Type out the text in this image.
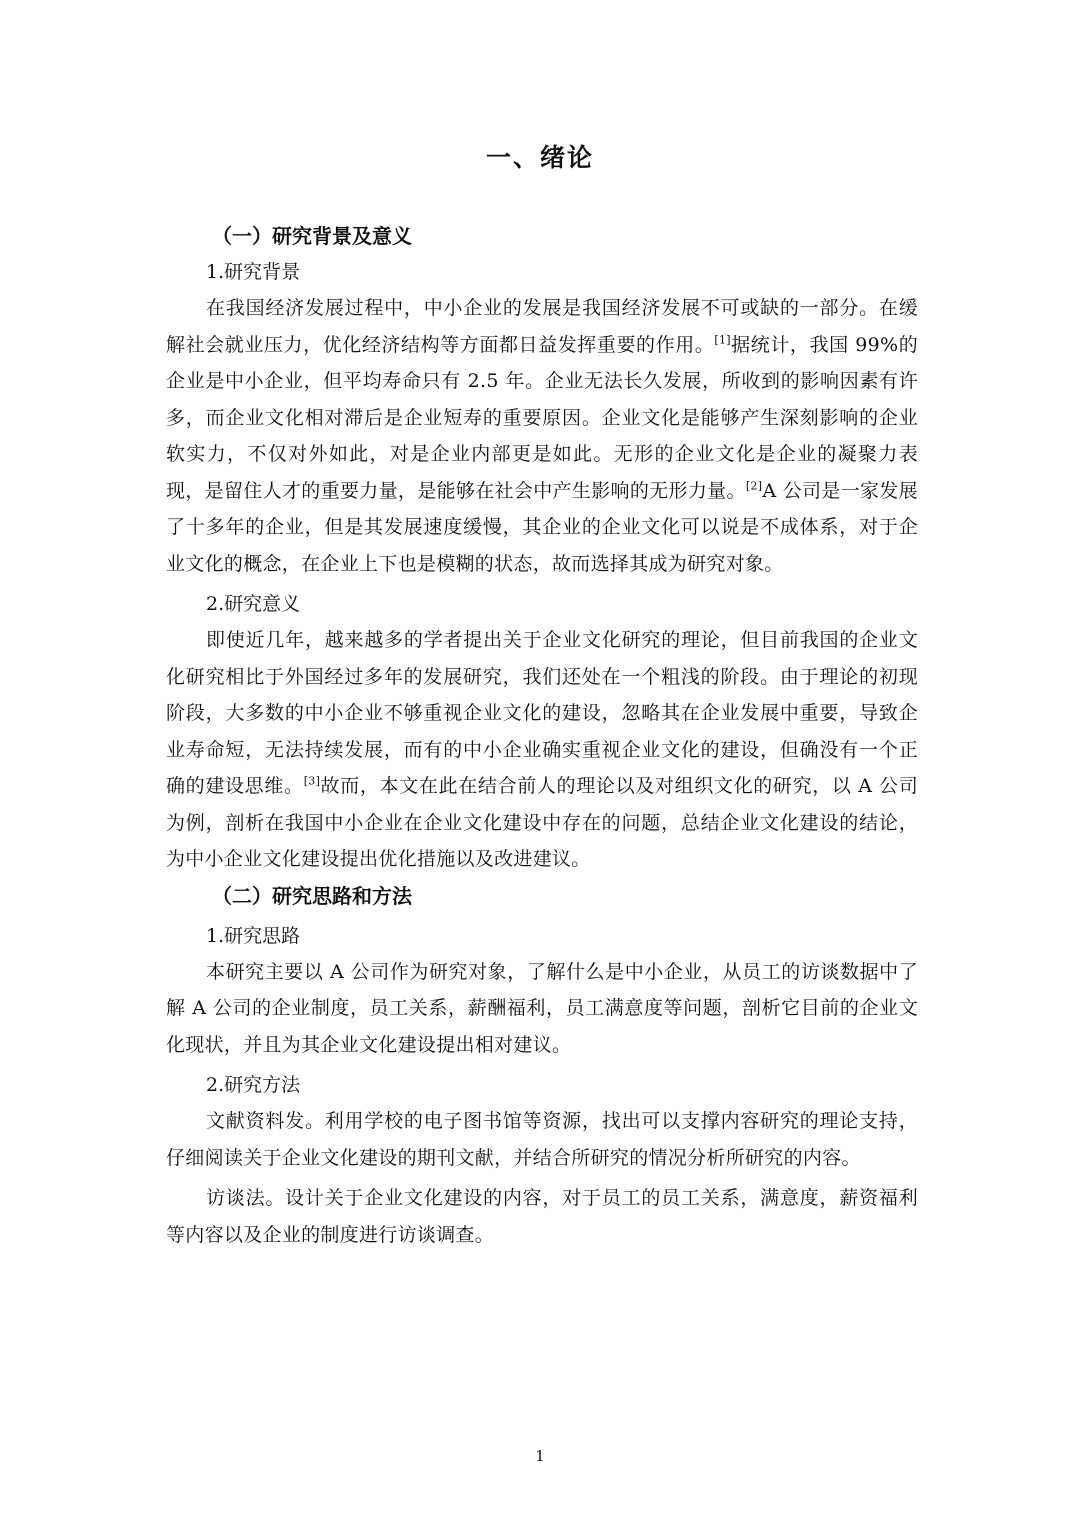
一、绪论

（一）研究背景及意义

1.研究背景

在我国经济发展过程中，中小企业的发展是我国经济发展不可或缺的一部分。在缓解社会就业压力，优化经济结构等方面都日益发挥重要的作用。[1]据统计，我国 99%的企业是中小企业，但平均寿命只有 2.5 年。企业无法长久发展，所收到的影响因素有许多，而企业文化相对滞后是企业短寿的重要原因。企业文化是能够产生深刻影响的企业软实力，不仅对外如此，对是企业内部更是如此。无形的企业文化是企业的凝聚力表现，是留住人才的重要力量，是能够在社会中产生影响的无形力量。[2]A 公司是一家发展了十多年的企业，但是其发展速度缓慢，其企业的企业文化可以说是不成体系，对于企业文化的概念，在企业上下也是模糊的状态，故而选择其成为研究对象。

2.研究意义

即使近几年，越来越多的学者提出关于企业文化研究的理论，但目前我国的企业文化研究相比于外国经过多年的发展研究，我们还处在一个粗浅的阶段。由于理论的初现阶段，大多数的中小企业不够重视企业文化的建设，忽略其在企业发展中重要，导致企业寿命短，无法持续发展，而有的中小企业确实重视企业文化的建设，但确没有一个正确的建设思维。[3]故而，本文在此在结合前人的理论以及对组织文化的研究，以 A 公司为例，剖析在我国中小企业在企业文化建设中存在的问题，总结企业文化建设的结论，为中小企业文化建设提出优化措施以及改进建议。

（二）研究思路和方法

1.研究思路

本研究主要以 A 公司作为研究对象，了解什么是中小企业，从员工的访谈数据中了解 A 公司的企业制度，员工关系，薪酬福利，员工满意度等问题，剖析它目前的企业文化现状，并且为其企业文化建设提出相对建议。

2.研究方法

文献资料发。利用学校的电子图书馆等资源，找出可以支撑内容研究的理论支持，仔细阅读关于企业文化建设的期刊文献，并结合所研究的情况分析所研究的内容。

访谈法。设计关于企业文化建设的内容，对于员工的员工关系，满意度，薪资福利等内容以及企业的制度进行访谈调查。

1
